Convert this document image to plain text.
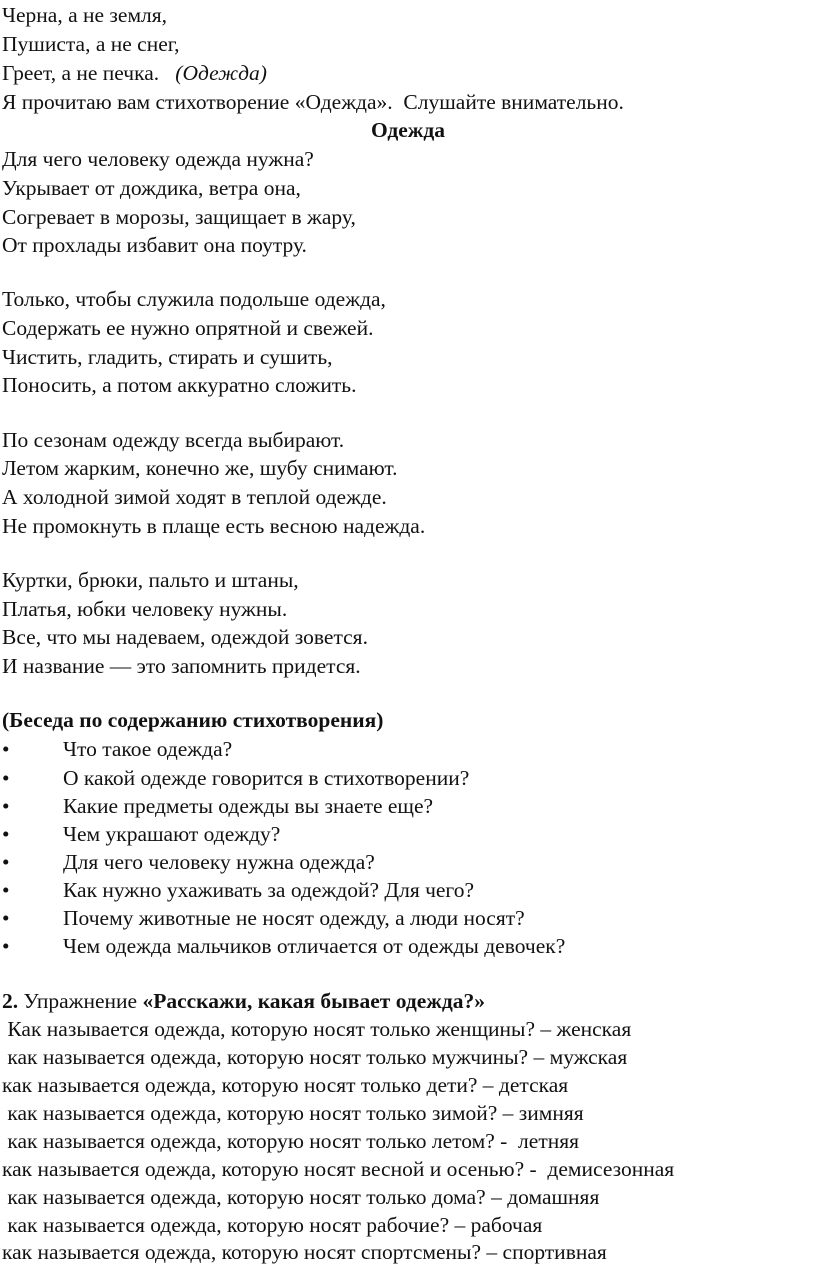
Черна, а не земля,
Пушиста, а не снег,
Греет, а не печка.   (Одежда)
Я прочитаю вам стихотворение «Одежда».  Слушайте внимательно.
Одежда
Для чего человеку одежда нужна?
Укрывает от дождика, ветра она,
Согревает в морозы, защищает в жару,
От прохлады избавит она поутру.
Только, чтобы служила подольше одежда,
Содержать ее нужно опрятной и свежей.
Чистить, гладить, стирать и сушить,
Поносить, а потом аккуратно сложить.
По сезонам одежду всегда выбирают.
Летом жарким, конечно же, шубу снимают.
А холодной зимой ходят в теплой одежде.
Не промокнуть в плаще есть весною надежда.
Куртки, брюки, пальто и штаны,
Платья, юбки человеку нужны.
Все, что мы надеваем, одеждой зовется.
И название — это запомнить придется.
(Беседа по содержанию стихотворения)
•	Что такое одежда?
•	О какой одежде говорится в стихотворении?
•	Какие предметы одежды вы знаете еще?
•	Чем украшают одежду?
•	Для чего человеку нужна одежда?
•	Как нужно ухаживать за одеждой? Для чего?
•	Почему животные не носят одежду, а люди носят?
•	Чем одежда мальчиков отличается от одежды девочек?
2. Упражнение «Расскажи, какая бывает одежда?»
Как называется одежда, которую носят только женщины? – женская
как называется одежда, которую носят только мужчины? – мужская
как называется одежда, которую носят только дети? – детская
как называется одежда, которую носят только зимой? – зимняя
как называется одежда, которую носят только летом? -  летняя
как называется одежда, которую носят весной и осенью? -  демисезонная
как называется одежда, которую носят только дома? – домашняя
как называется одежда, которую носят рабочие? – рабочая
как называется одежда, которую носят спортсмены? – спортивная
